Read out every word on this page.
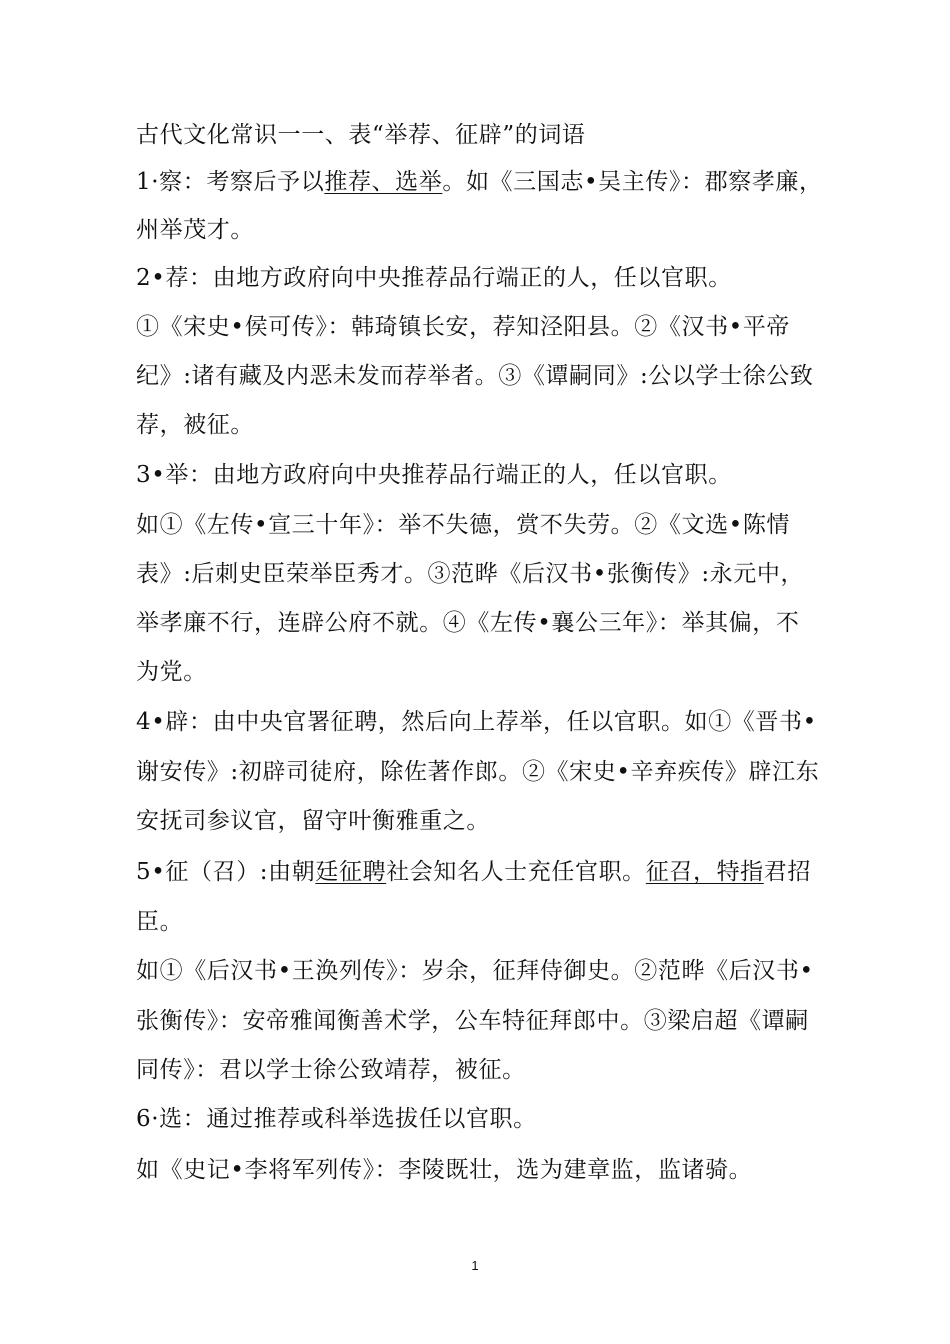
古代文化常识一一、表“举荐、征辟”的词语
1·察：考察后予以推荐、选举。如《三国志•吴主传》：郡察孝廉，
州举茂才。
2•荐：由地方政府向中央推荐品行端正的人，任以官职。
①《宋史•侯可传》：韩琦镇长安，荐知泾阳县。②《汉书•平帝
纪》:诸有藏及内恶未发而荐举者。③《谭嗣同》:公以学士徐公致
荐，被征。
3•举：由地方政府向中央推荐品行端正的人，任以官职。
如①《左传•宣三十年》：举不失德，赏不失劳。②《文选•陈情
表》:后刺史臣荣举臣秀才。③范晔《后汉书•张衡传》:永元中，
举孝廉不行，连辟公府不就。④《左传•襄公三年》：举其偏，不
为党。
4•辟：由中央官署征聘，然后向上荐举，任以官职。如①《晋书•
谢安传》:初辟司徒府，除佐著作郎。②《宋史•辛弃疾传》辟江东
安抚司参议官，留守叶衡雅重之。
5•征（召）:由朝廷征聘社会知名人士充任官职。征召，特指君招
臣。
如①《后汉书•王涣列传》：岁余，征拜侍御史。②范晔《后汉书•
张衡传》：安帝雅闻衡善术学，公车特征拜郎中。③梁启超《谭嗣
同传》：君以学士徐公致靖荐，被征。
6·选：通过推荐或科举选拔任以官职。
如《史记•李将军列传》：李陵既壮，选为建章监，监诸骑。
1
